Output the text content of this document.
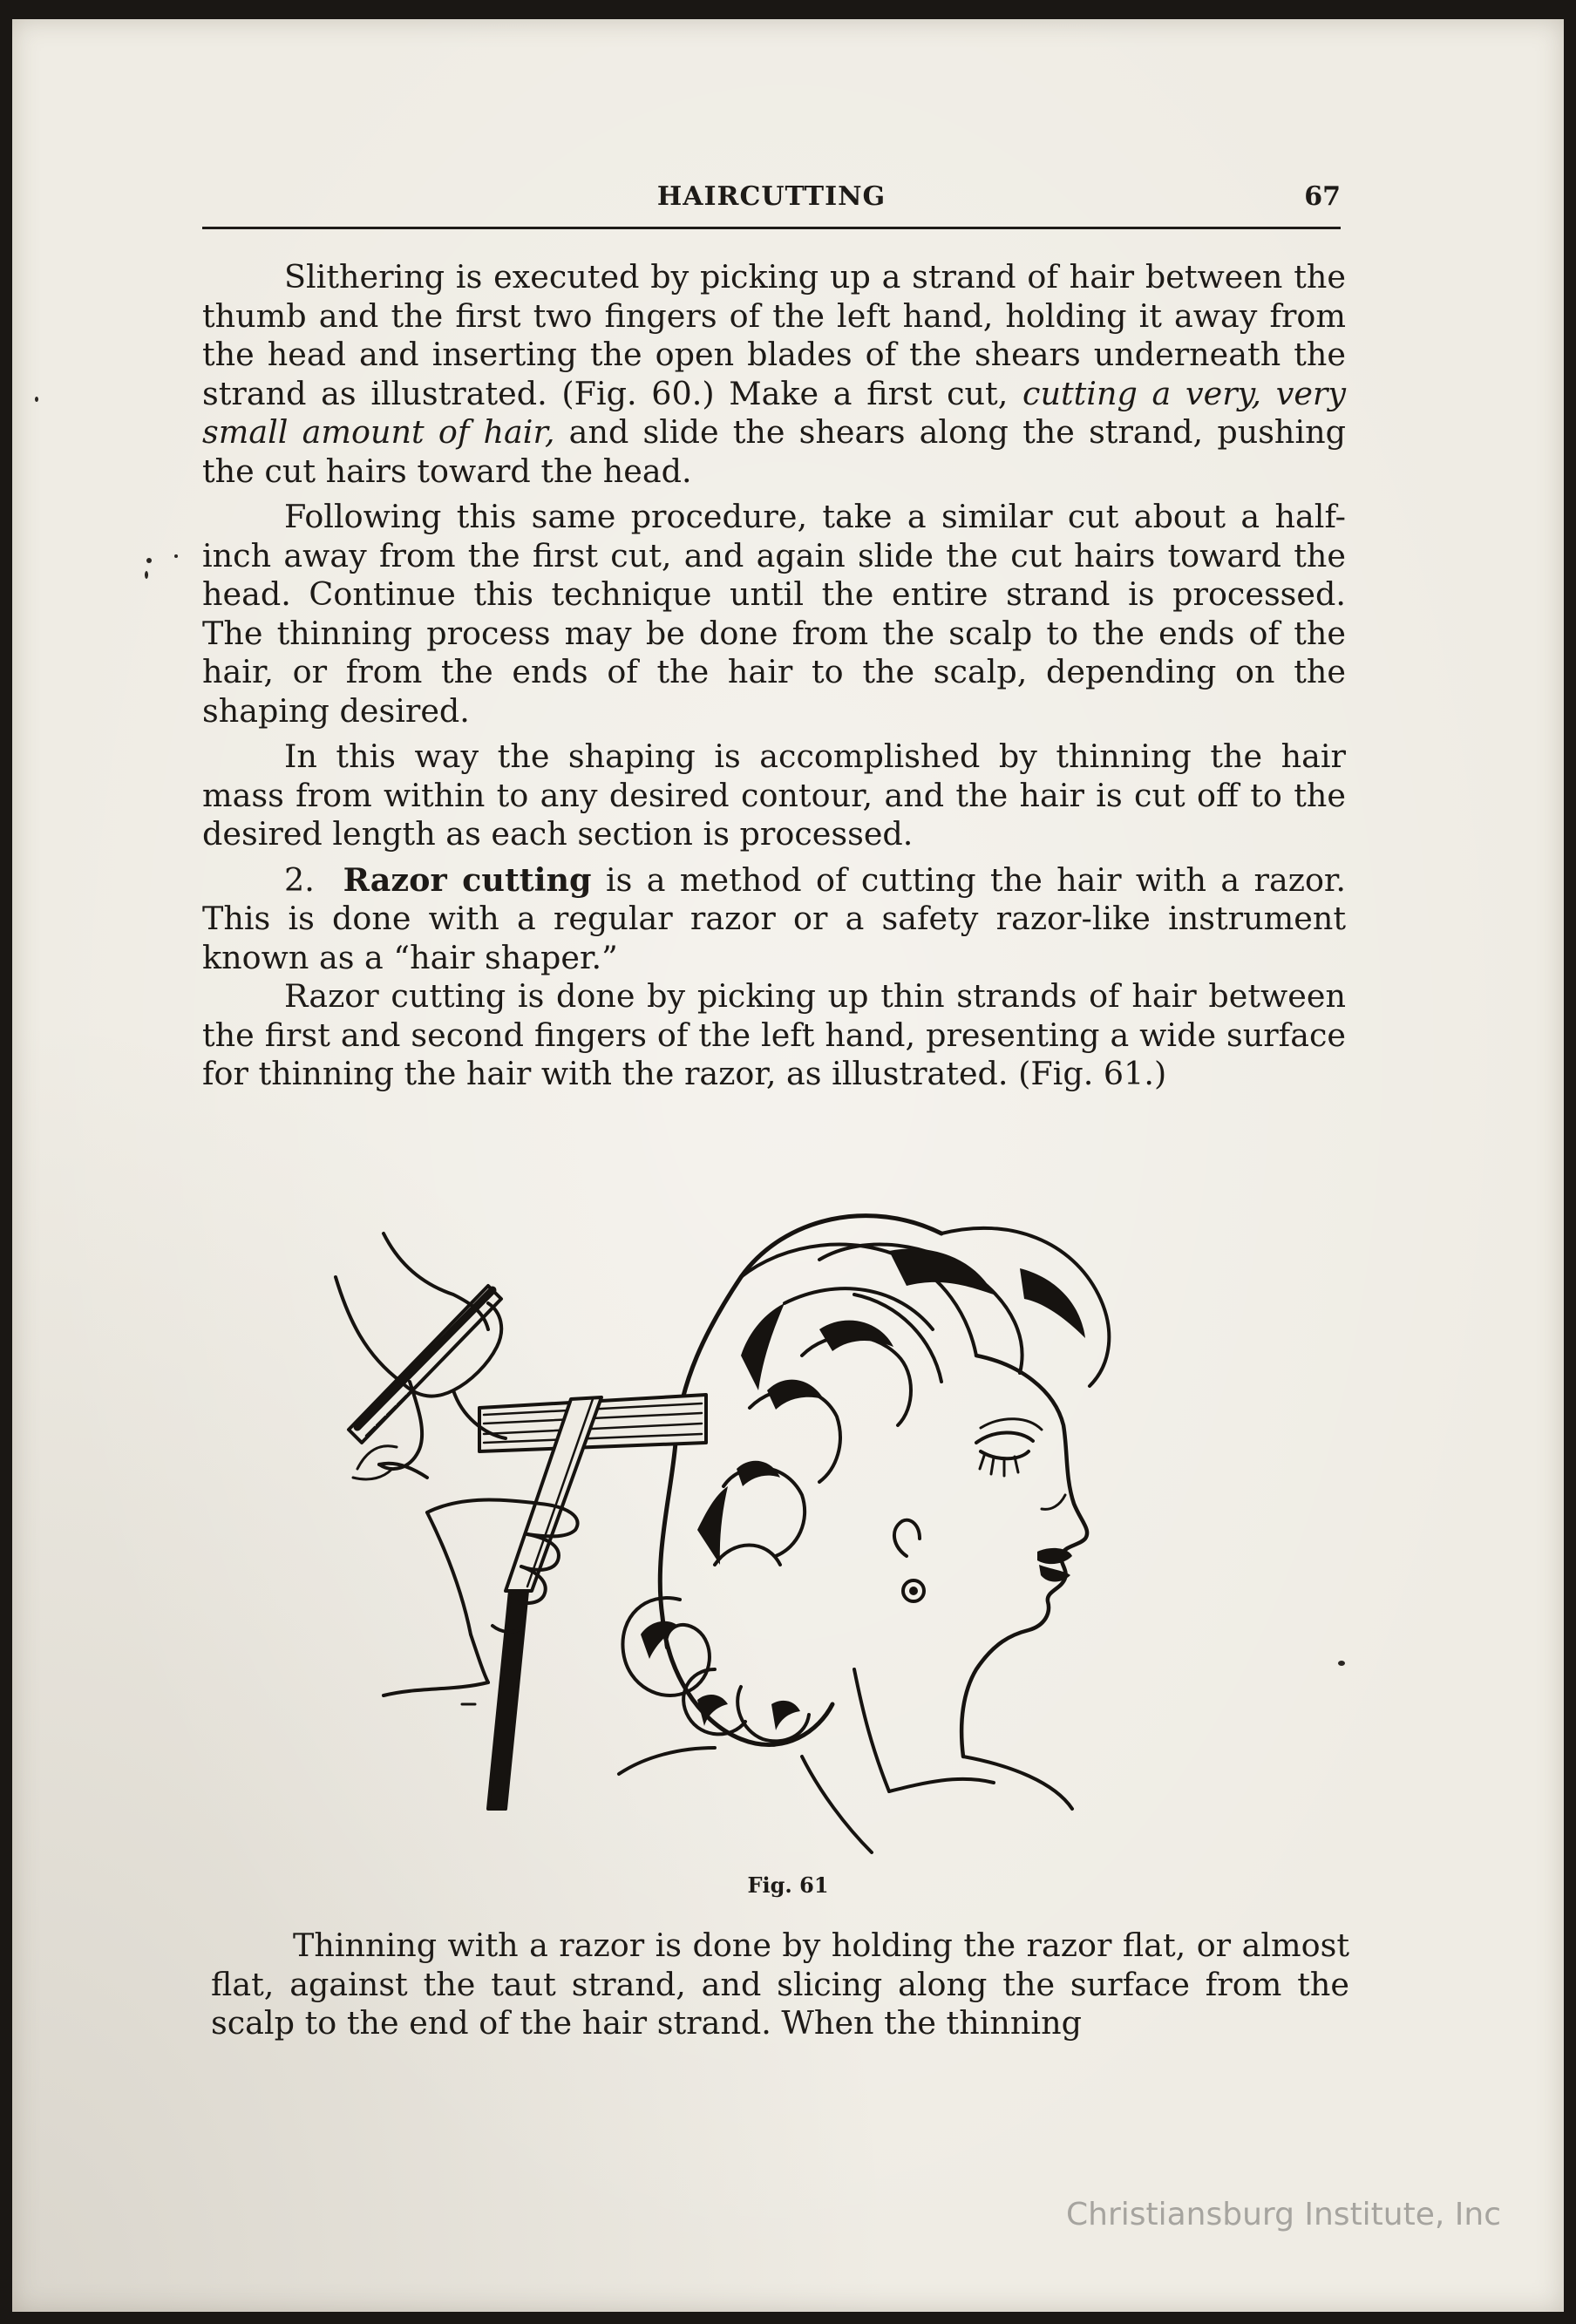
HAIRCUTTING	67

Slithering is executed by picking up a strand of hair between the thumb and the first two fingers of the left hand, holding it away from the head and inserting the open blades of the shears underneath the strand as illustrated. (Fig. 60.) Make a first cut, cutting a very, very small amount of hair, and slide the shears along the strand, pushing the cut hairs toward the head.

Following this same procedure, take a similar cut about a half-inch away from the first cut, and again slide the cut hairs toward the head. Continue this technique until the entire strand is processed. The thinning process may be done from the scalp to the ends of the hair, or from the ends of the hair to the scalp, depending on the shaping desired.

In this way the shaping is accomplished by thinning the hair mass from within to any desired contour, and the hair is cut off to the desired length as each section is processed.

2. Razor cutting is a method of cutting the hair with a razor. This is done with a regular razor or a safety razor-like instrument known as a “hair shaper.”

Razor cutting is done by picking up thin strands of hair between the first and second fingers of the left hand, presenting a wide surface for thinning the hair with the razor, as illustrated. (Fig. 61.)

Fig. 61

Thinning with a razor is done by holding the razor flat, or almost flat, against the taut strand, and slicing along the surface from the scalp to the end of the hair strand. When the thinning

Christiansburg Institute, Inc
